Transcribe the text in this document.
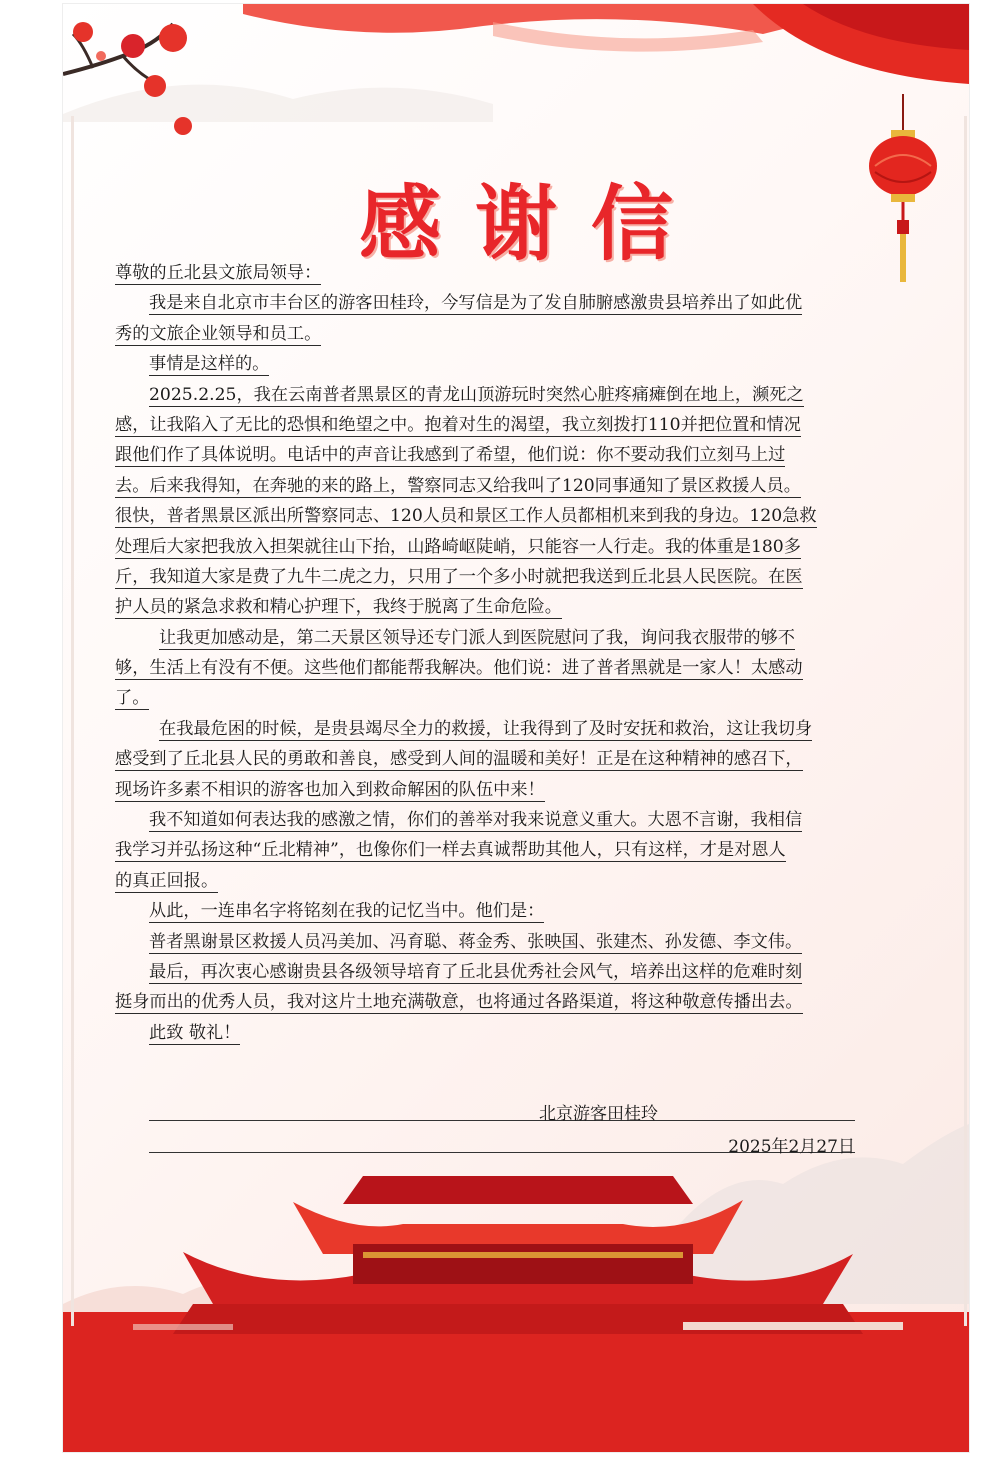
感谢信
尊敬的丘北县文旅局领导：
我是来自北京市丰台区的游客田桂玲，今写信是为了发自肺腑感激贵县培养出了如此优
秀的文旅企业领导和员工。
事情是这样的。
2025.2.25，我在云南普者黑景区的青龙山顶游玩时突然心脏疼痛瘫倒在地上，濒死之
感，让我陷入了无比的恐惧和绝望之中。抱着对生的渴望，我立刻拨打110并把位置和情况
跟他们作了具体说明。电话中的声音让我感到了希望，他们说：你不要动我们立刻马上过
去。后来我得知，在奔驰的来的路上，警察同志又给我叫了120同事通知了景区救援人员。
很快，普者黑景区派出所警察同志、120人员和景区工作人员都相机来到我的身边。120急救
处理后大家把我放入担架就往山下抬，山路崎岖陡峭，只能容一人行走。我的体重是180多
斤，我知道大家是费了九牛二虎之力，只用了一个多小时就把我送到丘北县人民医院。在医
护人员的紧急求救和精心护理下，我终于脱离了生命危险。
让我更加感动是，第二天景区领导还专门派人到医院慰问了我，询问我衣服带的够不
够，生活上有没有不便。这些他们都能帮我解决。他们说：进了普者黑就是一家人！太感动
了。
在我最危困的时候，是贵县竭尽全力的救援，让我得到了及时安抚和救治，这让我切身
感受到了丘北县人民的勇敢和善良，感受到人间的温暖和美好！正是在这种精神的感召下，
现场许多素不相识的游客也加入到救命解困的队伍中来！
我不知道如何表达我的感激之情，你们的善举对我来说意义重大。大恩不言谢，我相信
我学习并弘扬这种“丘北精神”，也像你们一样去真诚帮助其他人，只有这样，才是对恩人
的真正回报。
从此，一连串名字将铭刻在我的记忆当中。他们是：
普者黑谢景区救援人员冯美加、冯育聪、蒋金秀、张映国、张建杰、孙发德、李文伟。
最后，再次衷心感谢贵县各级领导培育了丘北县优秀社会风气，培养出这样的危难时刻
挺身而出的优秀人员，我对这片土地充满敬意，也将通过各路渠道，将这种敬意传播出去。
此致 敬礼！
北京游客田桂玲
2025年2月27日
